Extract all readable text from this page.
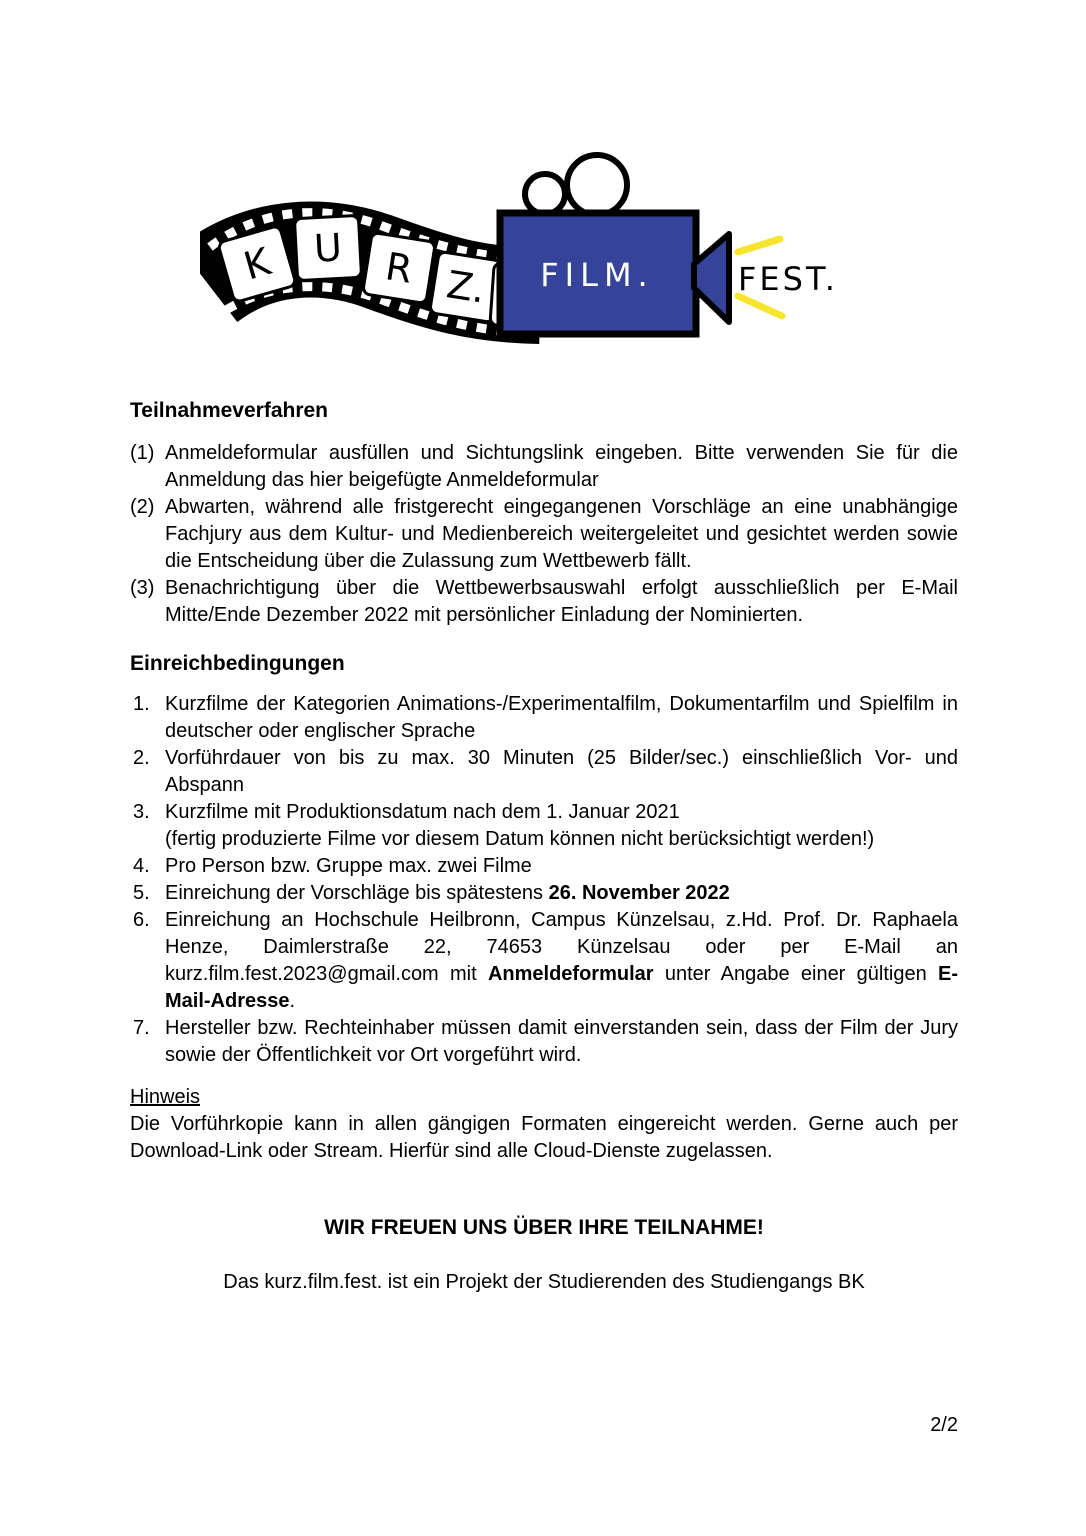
K U R Z. FILM.	FEST.
Teilnahmeverfahren
(1) Anmeldeformular ausfüllen und Sichtungslink eingeben. Bitte verwenden Sie für die Anmeldung das hier beigefügte Anmeldeformular
(2) Abwarten, während alle fristgerecht eingegangenen Vorschläge an eine unabhängige Fachjury aus dem Kultur- und Medienbereich weitergeleitet und gesichtet werden sowie die Entscheidung über die Zulassung zum Wettbewerb fällt.
(3) Benachrichtigung über die Wettbewerbsauswahl erfolgt ausschließlich per E-Mail Mitte/Ende Dezember 2022 mit persönlicher Einladung der Nominierten.
Einreichbedingungen
1. Kurzfilme der Kategorien Animations-/Experimentalfilm, Dokumentarfilm und Spielfilm in deutscher oder englischer Sprache
2. Vorführdauer von bis zu max. 30 Minuten (25 Bilder/sec.) einschließlich Vor- und Abspann
3. Kurzfilme mit Produktionsdatum nach dem 1. Januar 2021
(fertig produzierte Filme vor diesem Datum können nicht berücksichtigt werden!)
4. Pro Person bzw. Gruppe max. zwei Filme
5. Einreichung der Vorschläge bis spätestens 26. November 2022
6. Einreichung an Hochschule Heilbronn, Campus Künzelsau, z.Hd. Prof. Dr. Raphaela Henze, Daimlerstraße 22, 74653 Künzelsau oder per E-Mail an kurz.film.fest.2023@gmail.com mit Anmeldeformular unter Angabe einer gültigen E-Mail-Adresse.
7. Hersteller bzw. Rechteinhaber müssen damit einverstanden sein, dass der Film der Jury sowie der Öffentlichkeit vor Ort vorgeführt wird.
Hinweis

Die Vorführkopie kann in allen gängigen Formaten eingereicht werden. Gerne auch per Download-Link oder Stream. Hierfür sind alle Cloud-Dienste zugelassen.

WIR FREUEN UNS ÜBER IHRE TEILNAHME!

Das kurz.film.fest. ist ein Projekt der Studierenden des Studiengangs BK

2/2
